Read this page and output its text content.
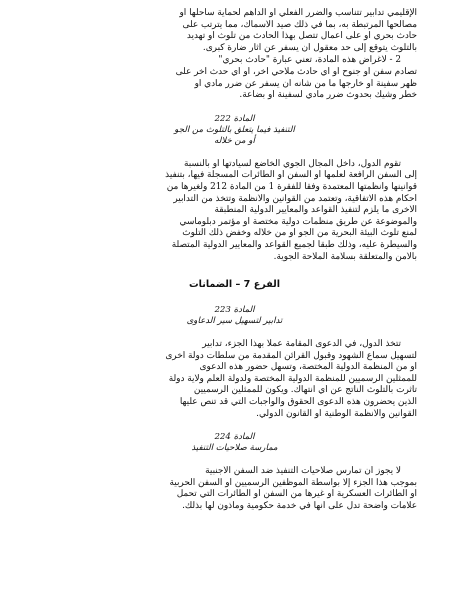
الإقليمي تدابير تتناسب والضرر الفعلي أو الداهم لحماية ساحلها أو
مصالحها المرتبطة به، بما في ذلك صيد الأسماك، مما يترتب على
حادث بحري أو على أعمال تتصل بهذا الحادث من تلوث أو تهديد
بالتلوث يتوقع إلى حد معقول أن يسفر عن آثار ضارة كبرى.

2 - لأغراض هذه المادة، تعني عبارة "حادث بحري"
تصادم سفن أو جنوح أو أي حادث ملاحي آخر، أو أي حدث آخر على
ظهر سفينة أو خارجها ما من شأنه أن يسفر عن ضرر مادي أو
خطر وشيك بحدوث ضرر مادي لسفينة أو بضاعة.

المادة 222
التنفيذ فيما يتعلق بالتلوث من الجو
أو من خلاله

تقوم الدول، داخل المجال الجوي الخاضع لسيادتها أو بالنسبة
إلى السفن الرافعة لعلمها أو السفن أو الطائرات المسجلة فيها، بتنفيذ
قوانينها وأنظمتها المعتمدة وفقاً للفقرة 1 من المادة 212 ولغيرها من
أحكام هذه الاتفاقية، وتعتمد من القوانين والأنظمة وتتخذ من التدابير
الأخرى ما يلزم لتنفيذ القواعد والمعايير الدولية المنطبقة
والموضوعة عن طريق منظمات دولية مختصة أو مؤتمر دبلوماسي
لمنع تلوث البيئة البحرية من الجو أو من خلاله وخفض ذلك التلوث
والسيطرة عليه، وذلك طبقاً لجميع القواعد والمعايير الدولية المتصلة
بالأمن والمتعلقة بسلامة الملاحة الجوية.

الفرع 7 – الضمانات
المادة 223
تدابير لتسهيل سير الدعاوى

تتخذ الدول، في الدعوى المقامة عملاً بهذا الجزء، تدابير
لتسهيل سماع الشهود وقبول القرائن المقدمة من سلطات دولة أخرى
أو من المنظمة الدولية المختصة، وتسهل حضور هذه الدعوى
للممثلين الرسميين للمنظمة الدولية المختصة ولدولة العلم ولأية دولة
تأثرت بالتلوث الناتج عن أي انتهاك. ويكون للممثلين الرسميين
الذين يحضرون هذه الدعوى الحقوق والواجبات التي قد تنص عليها
القوانين والأنظمة الوطنية أو القانون الدولي.

المادة 224
ممارسة صلاحيات التنفيذ

لا يجوز أن تمارس صلاحيات التنفيذ ضد السفن الأجنبية
بموجب هذا الجزء إلا بواسطة الموظفين الرسميين أو السفن الحربية
أو الطائرات العسكرية أو غيرها من السفن أو الطائرات التي تحمل
علامات واضحة تدل على أنها في خدمة حكومية ومأذون لها بذلك.
